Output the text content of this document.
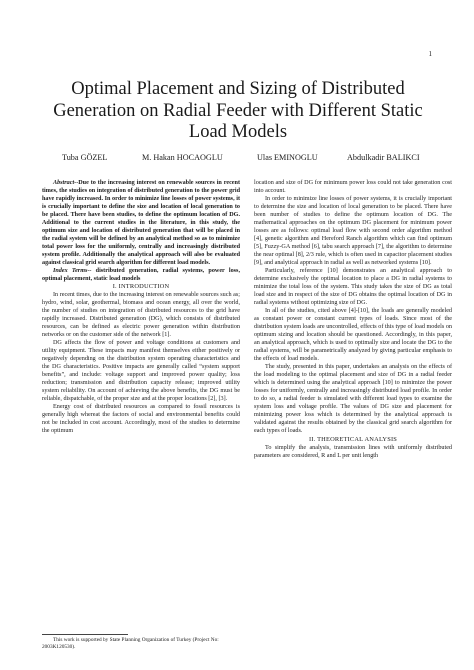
1
Optimal Placement and Sizing of Distributed Generation on Radial Feeder with Different Static Load Models
Tuba GÖZEL	M. Hakan HOCAOGLU	Ulas EMINOGLU	Abdulkadir BALIKCI

Abstract--Due to the increasing interest on renewable sources in recent times, the studies on integration of distributed generation to the power grid have rapidly increased. In order to minimize line losses of power systems, it is crucially important to define the size and location of local generation to be placed. There have been studies, to define the optimum location of DG. Additional to the current studies in the literature, in this study, the optimum size and location of distributed generation that will be placed in the radial system will be defined by an analytical method so as to minimize total power loss for the uniformly, centrally and increasingly distributed system profile. Additionally the analytical approach will also be evaluated against classical grid search algorithm for different load models.

Index Terms-- distributed generation, radial systems, power loss, optimal placement, static load models

I. INTRODUCTION

In recent times, due to the increasing interest on renewable sources such as; hydro, wind, solar, geothermal, biomass and ocean energy, all over the world, the number of studies on integration of distributed resources to the grid have rapidly increased. Distributed generation (DG), which consists of distributed resources, can be defined as electric power generation within distribution networks or on the customer side of the network [1].

DG affects the flow of power and voltage conditions at customers and utility equipment. These impacts may manifest themselves either positively or negatively depending on the distribution system operating characteristics and the DG characteristics. Positive impacts are generally called “system support benefits”, and include: voltage support and improved power quality; loss reduction; transmission and distribution capacity release; improved utility system reliability. On account of achieving the above benefits, the DG must be reliable, dispatchable, of the proper size and at the proper locations [2], [3].

Energy cost of distributed resources as compared to fossil resources is generally high whereat the factors of social and environmental benefits could not be included in cost account. Accordingly, most of the studies to determine the optimum

This work is supported by State Planning Organization of Turkey (Project No: 2003K120530).

location and size of DG for minimum power loss could not take generation cost into account.

In order to minimize line losses of power systems, it is crucially important to determine the size and location of local generation to be placed. There have been number of studies to define the optimum location of DG. The mathematical approaches on the optimum DG placement for minimum power losses are as follows: optimal load flow with second order algorithm method [4], genetic algorithm and Hereford Ranch algorithm which can find optimum [5], Fuzzy-GA method [6], tabu search approach [7], the algorithm to determine the near optimal [8], 2/3 rule, which is often used in capacitor placement studies [9], and analytical approach in radial as well as networked systems [10].

Particularly, reference [10] demonstrates an analytical approach to determine exclusively the optimal location to place a DG in radial systems to minimize the total loss of the system. This study takes the size of DG as total load size and in respect of the size of DG obtains the optimal location of DG in radial systems without optimizing size of DG.

In all of the studies, cited above [4]-[10], the loads are generally modeled as constant power or constant current types of loads. Since most of the distribution system loads are uncontrolled, effects of this type of load models on optimum sizing and location should be questioned. Accordingly, in this paper, an analytical approach, which is used to optimally size and locate the DG to the radial systems, will be parametrically analyzed by giving particular emphasis to the effects of load models.

The study, presented in this paper, undertakes an analysis on the effects of the load modeling to the optimal placement and size of DG in a radial feeder which is determined using the analytical approach [10] to minimize the power losses for uniformly, centrally and increasingly distributed load profile. In order to do so, a radial feeder is simulated with different load types to examine the system loss and voltage profile. The values of DG size and placement for minimizing power loss which is determined by the analytical approach is validated against the results obtained by the classical grid search algorithm for each types of loads.

II. THEORETICAL ANALYSIS

To simplify the analysis, transmission lines with uniformly distributed parameters are considered, R and L per unit length
